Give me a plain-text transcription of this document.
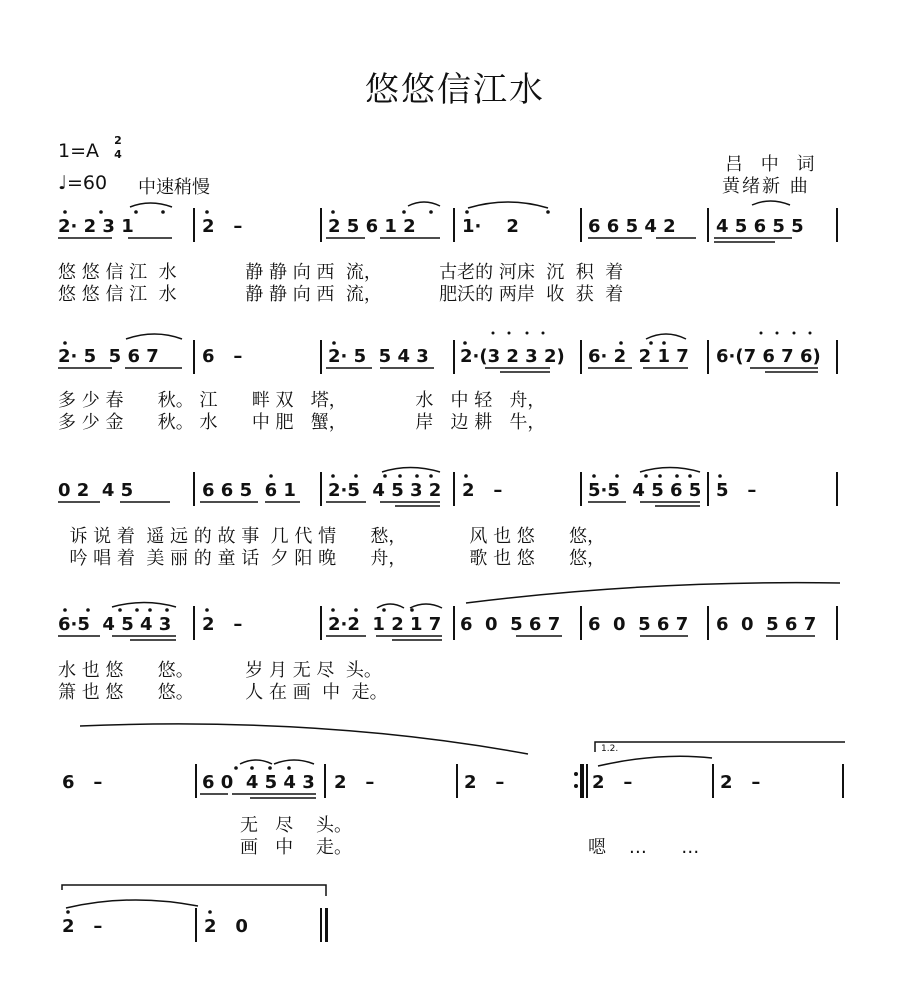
悠悠信江水
1=A 2
4
♩=60 中速稍慢
吕 中 词
黄绪新 曲
2· 2 3 1	2   –	2 5 6 1 2	1·    2	6 6 5 4 2 4 5 6 5 5
悠 悠 信 江  水            静 静 向 西  流，          古老的 河床  沉  积  着
悠 悠 信 江  水            静 静 向 西  流，          肥沃的 两岸  收  获  着
2· 5  5 6 7 6   –	2· 5  5 4 3 2·(3 2 3 2) 6· 2  2 1 7 6·(7 6 7 6)
多 少 春      秋。 江      畔 双   塔，            水   中 轻   舟，
多 少 金      秋。 水      中 肥   蟹，            岸   边 耕   牛，
0 2  4 5	6 6 5  6 1 2·5  4 5 3 2 2   –	5·5  4 5 6 5 5   –
诉 说 着  遥 远 的 故 事  几 代 情      愁，           风 也 悠      悠，
吟 唱 着  美 丽 的 童 话  夕 阳 晚      舟，           歌 也 悠      悠，
6·5  4 5 4 3 2   –	2·2  1 2 1 7 6  0  5 6 7 6  0  5 6 7 6  0  5 6 7
水 也 悠      悠。         岁 月 无 尽  头。
箫 也 悠      悠。         人 在 画  中  走。
6   –	6 0  4 5 4 3 2   –	2   –	2   –	2   –
1.2.
无   尽    头。
画   中    走。	嗯    …      …
2   –	2   0
